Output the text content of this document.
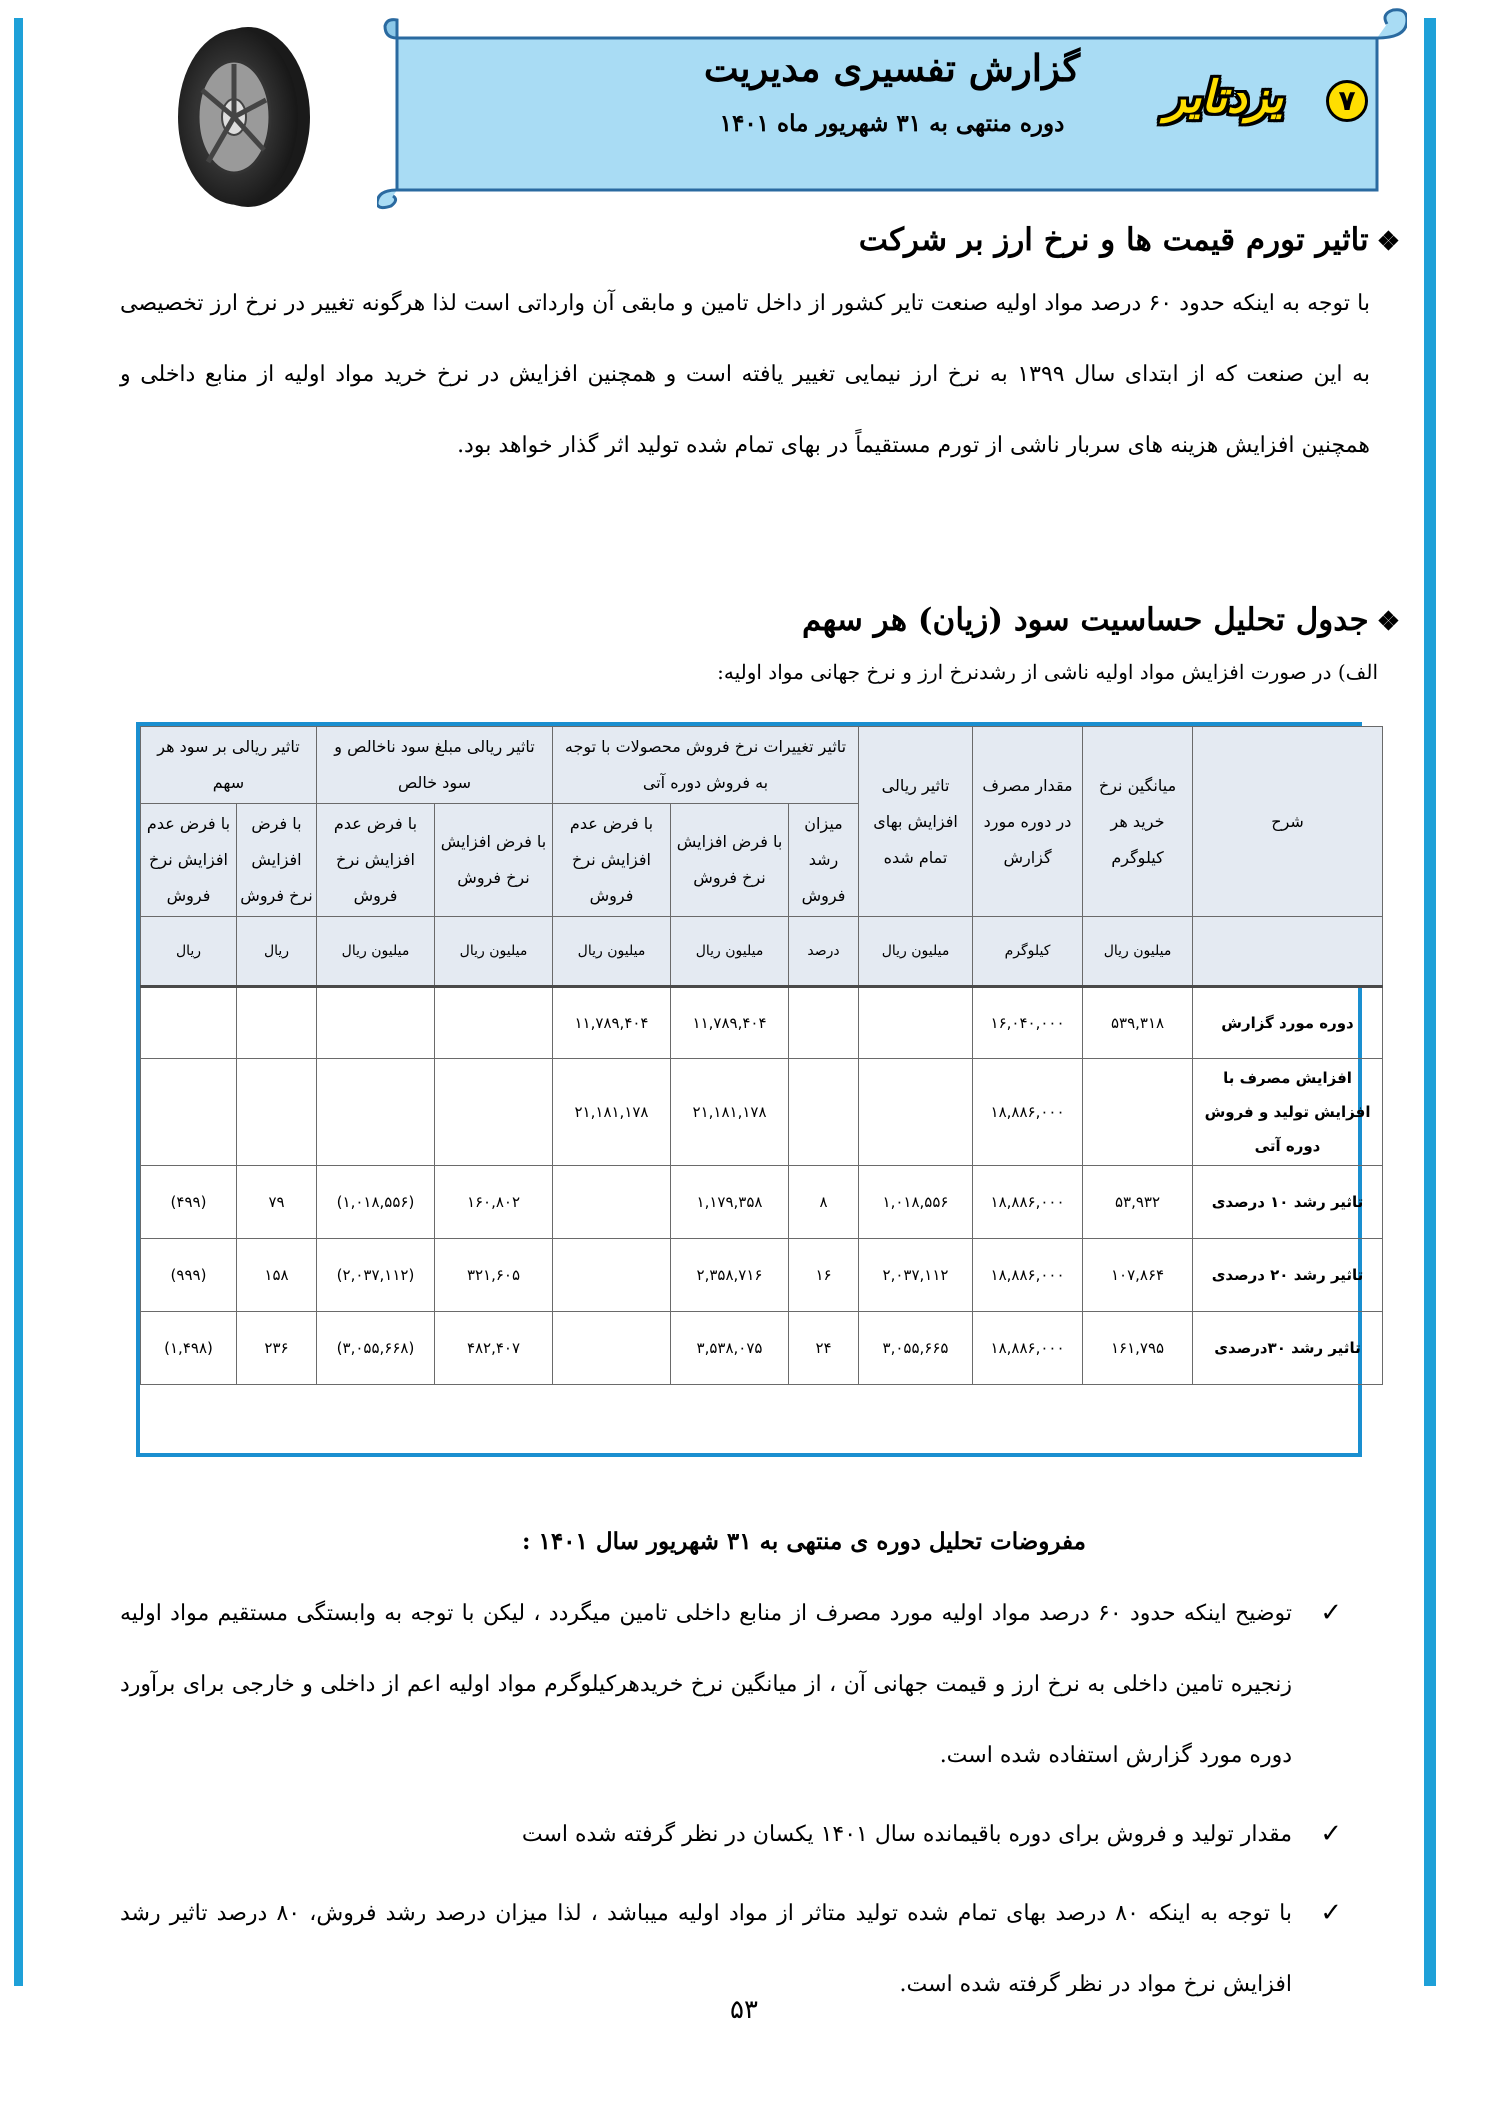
گزارش تفسیری مدیریت
دوره منتهی به ۳۱ شهریور ماه ۱۴۰۱
یزدتایر	۷
❖تاثیر تورم قیمت ها و نرخ ارز بر شرکت
با توجه به اینکه حدود ۶۰ درصد مواد اولیه صنعت تایر کشور از داخل تامین و مابقی آن وارداتی است لذا هرگونه تغییر در نرخ ارز تخصیصی به این صنعت که از ابتدای سال ۱۳۹۹ به نرخ ارز نیمایی تغییر یافته است و همچنین افزایش در نرخ خرید مواد اولیه از منابع داخلی و همچنین افزایش هزینه های سربار ناشی از تورم مستقیماً در بهای تمام شده تولید اثر گذار خواهد بود.
❖جدول تحلیل حساسیت سود (زیان) هر سهم
الف) در صورت افزایش مواد اولیه ناشی از رشدنرخ ارز و نرخ جهانی مواد اولیه:
شرح	میانگین نرخ خرید هر کیلوگرم	مقدار مصرف در دوره مورد گزارش	تاثیر ریالی افزایش بهای تمام شده	تاثیر تغییرات نرخ فروش محصولات با توجه به فروش دوره آتی			تاثیر ریالی مبلغ سود ناخالص و سود خالص		تاثیر ریالی بر سود هر سهم	
				میزان رشد فروش	با فرض افزایش نرخ فروش	با فرض عدم افزایش نرخ فروش	با فرض افزایش نرخ فروش	با فرض عدم افزایش نرخ فروش	با فرض افزایش نرخ فروش	با فرض عدم افزایش نرخ فروش
	میلیون ریال	کیلوگرم	میلیون ریال	درصد	میلیون ریال	میلیون ریال	میلیون ریال	میلیون ریال	ریال	ریال
دوره مورد گزارش	۵۳۹,۳۱۸	۱۶,۰۴۰,۰۰۰			۱۱,۷۸۹,۴۰۴	۱۱,۷۸۹,۴۰۴				
افزایش مصرف با افزایش تولید و فروش دوره آتی		۱۸,۸۸۶,۰۰۰			۲۱,۱۸۱,۱۷۸	۲۱,۱۸۱,۱۷۸				
تاثیر رشد ۱۰ درصدی	۵۳,۹۳۲	۱۸,۸۸۶,۰۰۰	۱,۰۱۸,۵۵۶	۸	۱,۱۷۹,۳۵۸		۱۶۰,۸۰۲	(۱,۰۱۸,۵۵۶)	۷۹	(۴۹۹)
تاثیر رشد ۲۰ درصدی	۱۰۷,۸۶۴	۱۸,۸۸۶,۰۰۰	۲,۰۳۷,۱۱۲	۱۶	۲,۳۵۸,۷۱۶		۳۲۱,۶۰۵	(۲,۰۳۷,۱۱۲)	۱۵۸	(۹۹۹)
تاثیر رشد ۳۰درصدی	۱۶۱,۷۹۵	۱۸,۸۸۶,۰۰۰	۳,۰۵۵,۶۶۵	۲۴	۳,۵۳۸,۰۷۵		۴۸۲,۴۰۷	(۳,۰۵۵,۶۶۸)	۲۳۶	(۱,۴۹۸)
مفروضات تحلیل دوره ی منتهی به ۳۱ شهریور سال ۱۴۰۱ :
✓
توضیح اینکه حدود ۶۰ درصد مواد اولیه مورد مصرف از منابع داخلی تامین میگردد ، لیکن با توجه به وابستگی مستقیم مواد اولیه زنجیره تامین داخلی به نرخ ارز و قیمت جهانی آن ، از میانگین نرخ خریدهرکیلوگرم مواد اولیه اعم از داخلی و خارجی برای برآورد دوره مورد گزارش استفاده شده است.
✓
مقدار تولید و فروش برای دوره باقیمانده سال ۱۴۰۱ یکسان در نظر گرفته شده است
✓
با توجه به اینکه ۸۰ درصد بهای تمام شده تولید متاثر از مواد اولیه میباشد ، لذا میزان درصد رشد فروش، ۸۰ درصد تاثیر رشد افزایش نرخ مواد در نظر گرفته شده است.
۵۳
